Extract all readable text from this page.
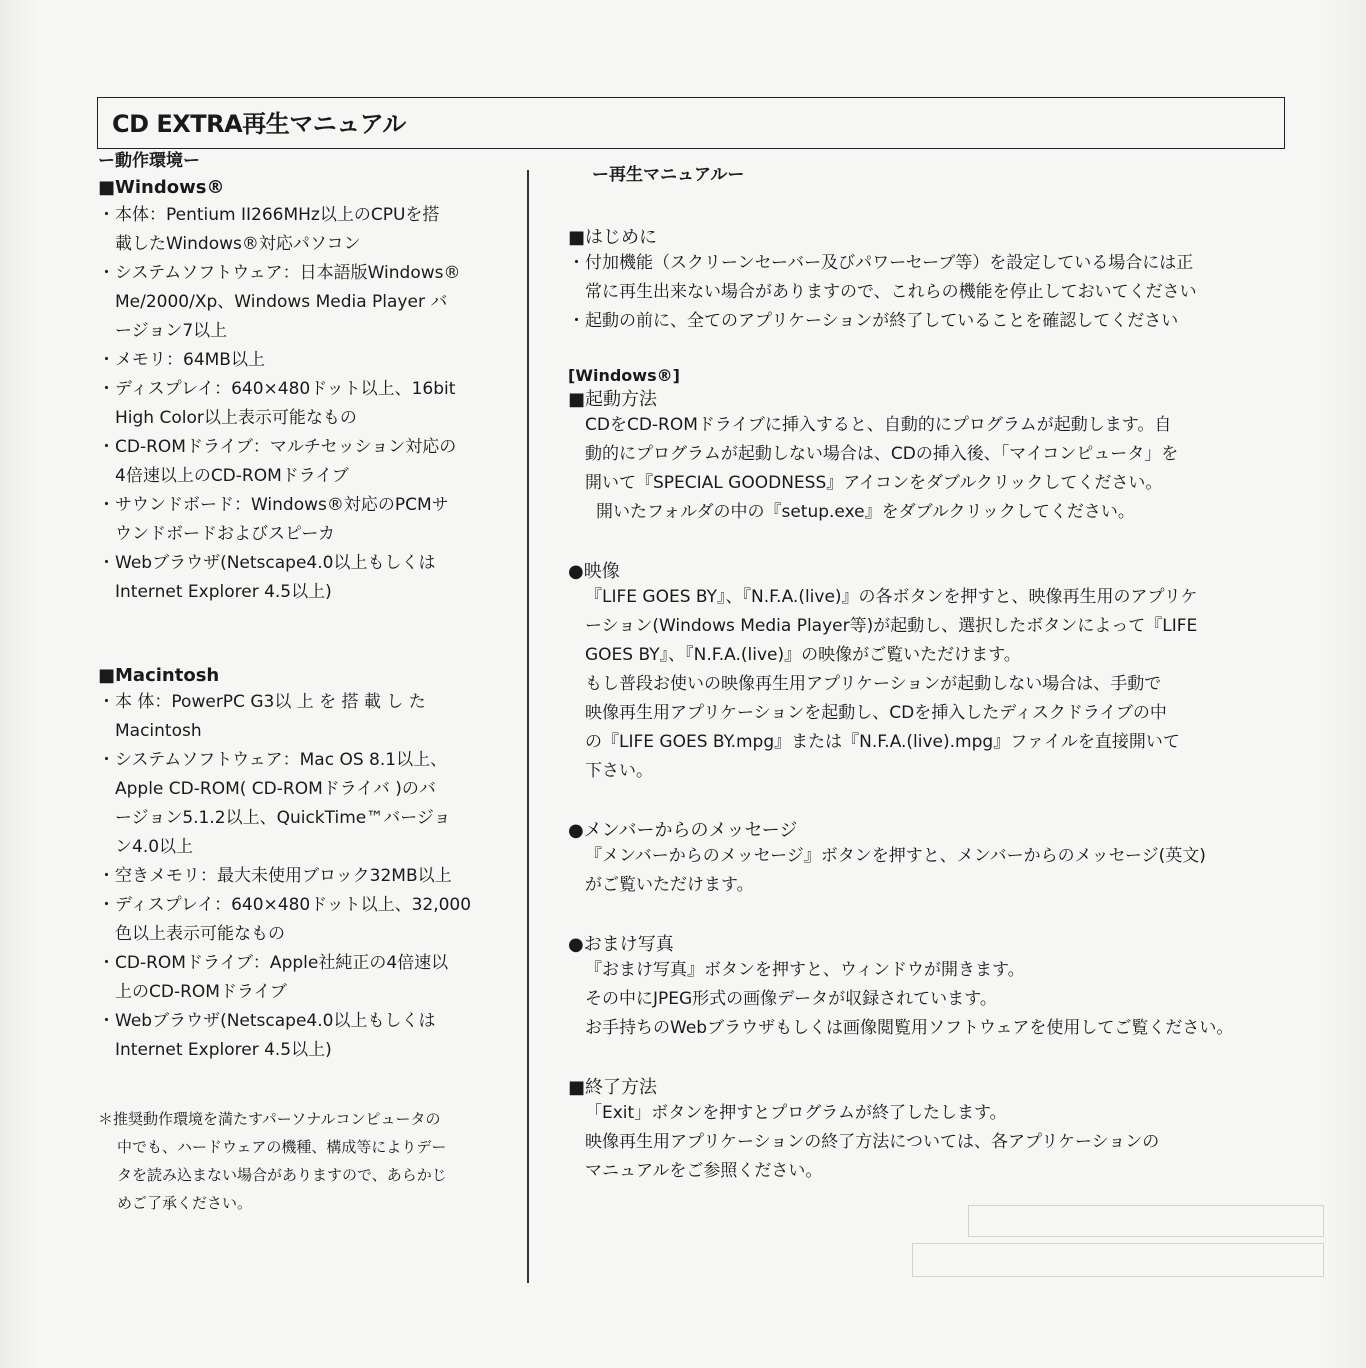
CD EXTRA再生マニュアル
ー動作環境ー
■Windows®
・本体：Pentium II266MHz以上のCPUを搭
載したWindows®対応パソコン
・システムソフトウェア：日本語版Windows®
Me/2000/Xp、Windows Media Player バ
ージョン7以上
・メモリ：64MB以上
・ディスプレイ：640×480ドット以上、16bit
High Color以上表示可能なもの
・CD-ROMドライブ：マルチセッション対応の
4倍速以上のCD-ROMドライブ
・サウンドボード：Windows®対応のPCMサ
ウンドボードおよびスピーカ
・Webブラウザ(Netscape4.0以上もしくは
Internet Explorer 4.5以上)
■Macintosh
・本 体：PowerPC G3以 上 を 搭 載 し た
Macintosh
・システムソフトウェア：Mac OS 8.1以上、
Apple CD-ROM( CD-ROMドライバ )のバ
ージョン5.1.2以上、QuickTime™バージョ
ン4.0以上
・空きメモリ：最大未使用ブロック32MB以上
・ディスプレイ：640×480ドット以上、32,000
色以上表示可能なもの
・CD-ROMドライブ：Apple社純正の4倍速以
上のCD-ROMドライブ
・Webブラウザ(Netscape4.0以上もしくは
Internet Explorer 4.5以上)
＊推奨動作環境を満たすパーソナルコンピュータの
中でも、ハードウェアの機種、構成等によりデー
タを読み込まない場合がありますので、あらかじ
めご了承ください。
ー再生マニュアルー
■はじめに
・付加機能（スクリーンセーバー及びパワーセーブ等）を設定している場合には正
常に再生出来ない場合がありますので、これらの機能を停止しておいてください
・起動の前に、全てのアプリケーションが終了していることを確認してください
[Windows®]
■起動方法
CDをCD-ROMドライブに挿入すると、自動的にプログラムが起動します。自
動的にプログラムが起動しない場合は、CDの挿入後、「マイコンピュータ」を
開いて『SPECIAL GOODNESS』アイコンをダブルクリックしてください。
開いたフォルダの中の『setup.exe』をダブルクリックしてください。
●映像
『LIFE GOES BY』、『N.F.A.(live)』の各ボタンを押すと、映像再生用のアプリケ
ーション(Windows Media Player等)が起動し、選択したボタンによって『LIFE
GOES BY』、『N.F.A.(live)』の映像がご覧いただけます。
もし普段お使いの映像再生用アプリケーションが起動しない場合は、手動で
映像再生用アプリケーションを起動し、CDを挿入したディスクドライブの中
の『LIFE GOES BY.mpg』または『N.F.A.(live).mpg』ファイルを直接開いて
下さい。
●メンバーからのメッセージ
『メンバーからのメッセージ』ボタンを押すと、メンバーからのメッセージ(英文)
がご覧いただけます。
●おまけ写真
『おまけ写真』ボタンを押すと、ウィンドウが開きます。
その中にJPEG形式の画像データが収録されています。
お手持ちのWebブラウザもしくは画像閲覧用ソフトウェアを使用してご覧ください。
■終了方法
「Exit」ボタンを押すとプログラムが終了したします。
映像再生用アプリケーションの終了方法については、各アプリケーションの
マニュアルをご参照ください。
